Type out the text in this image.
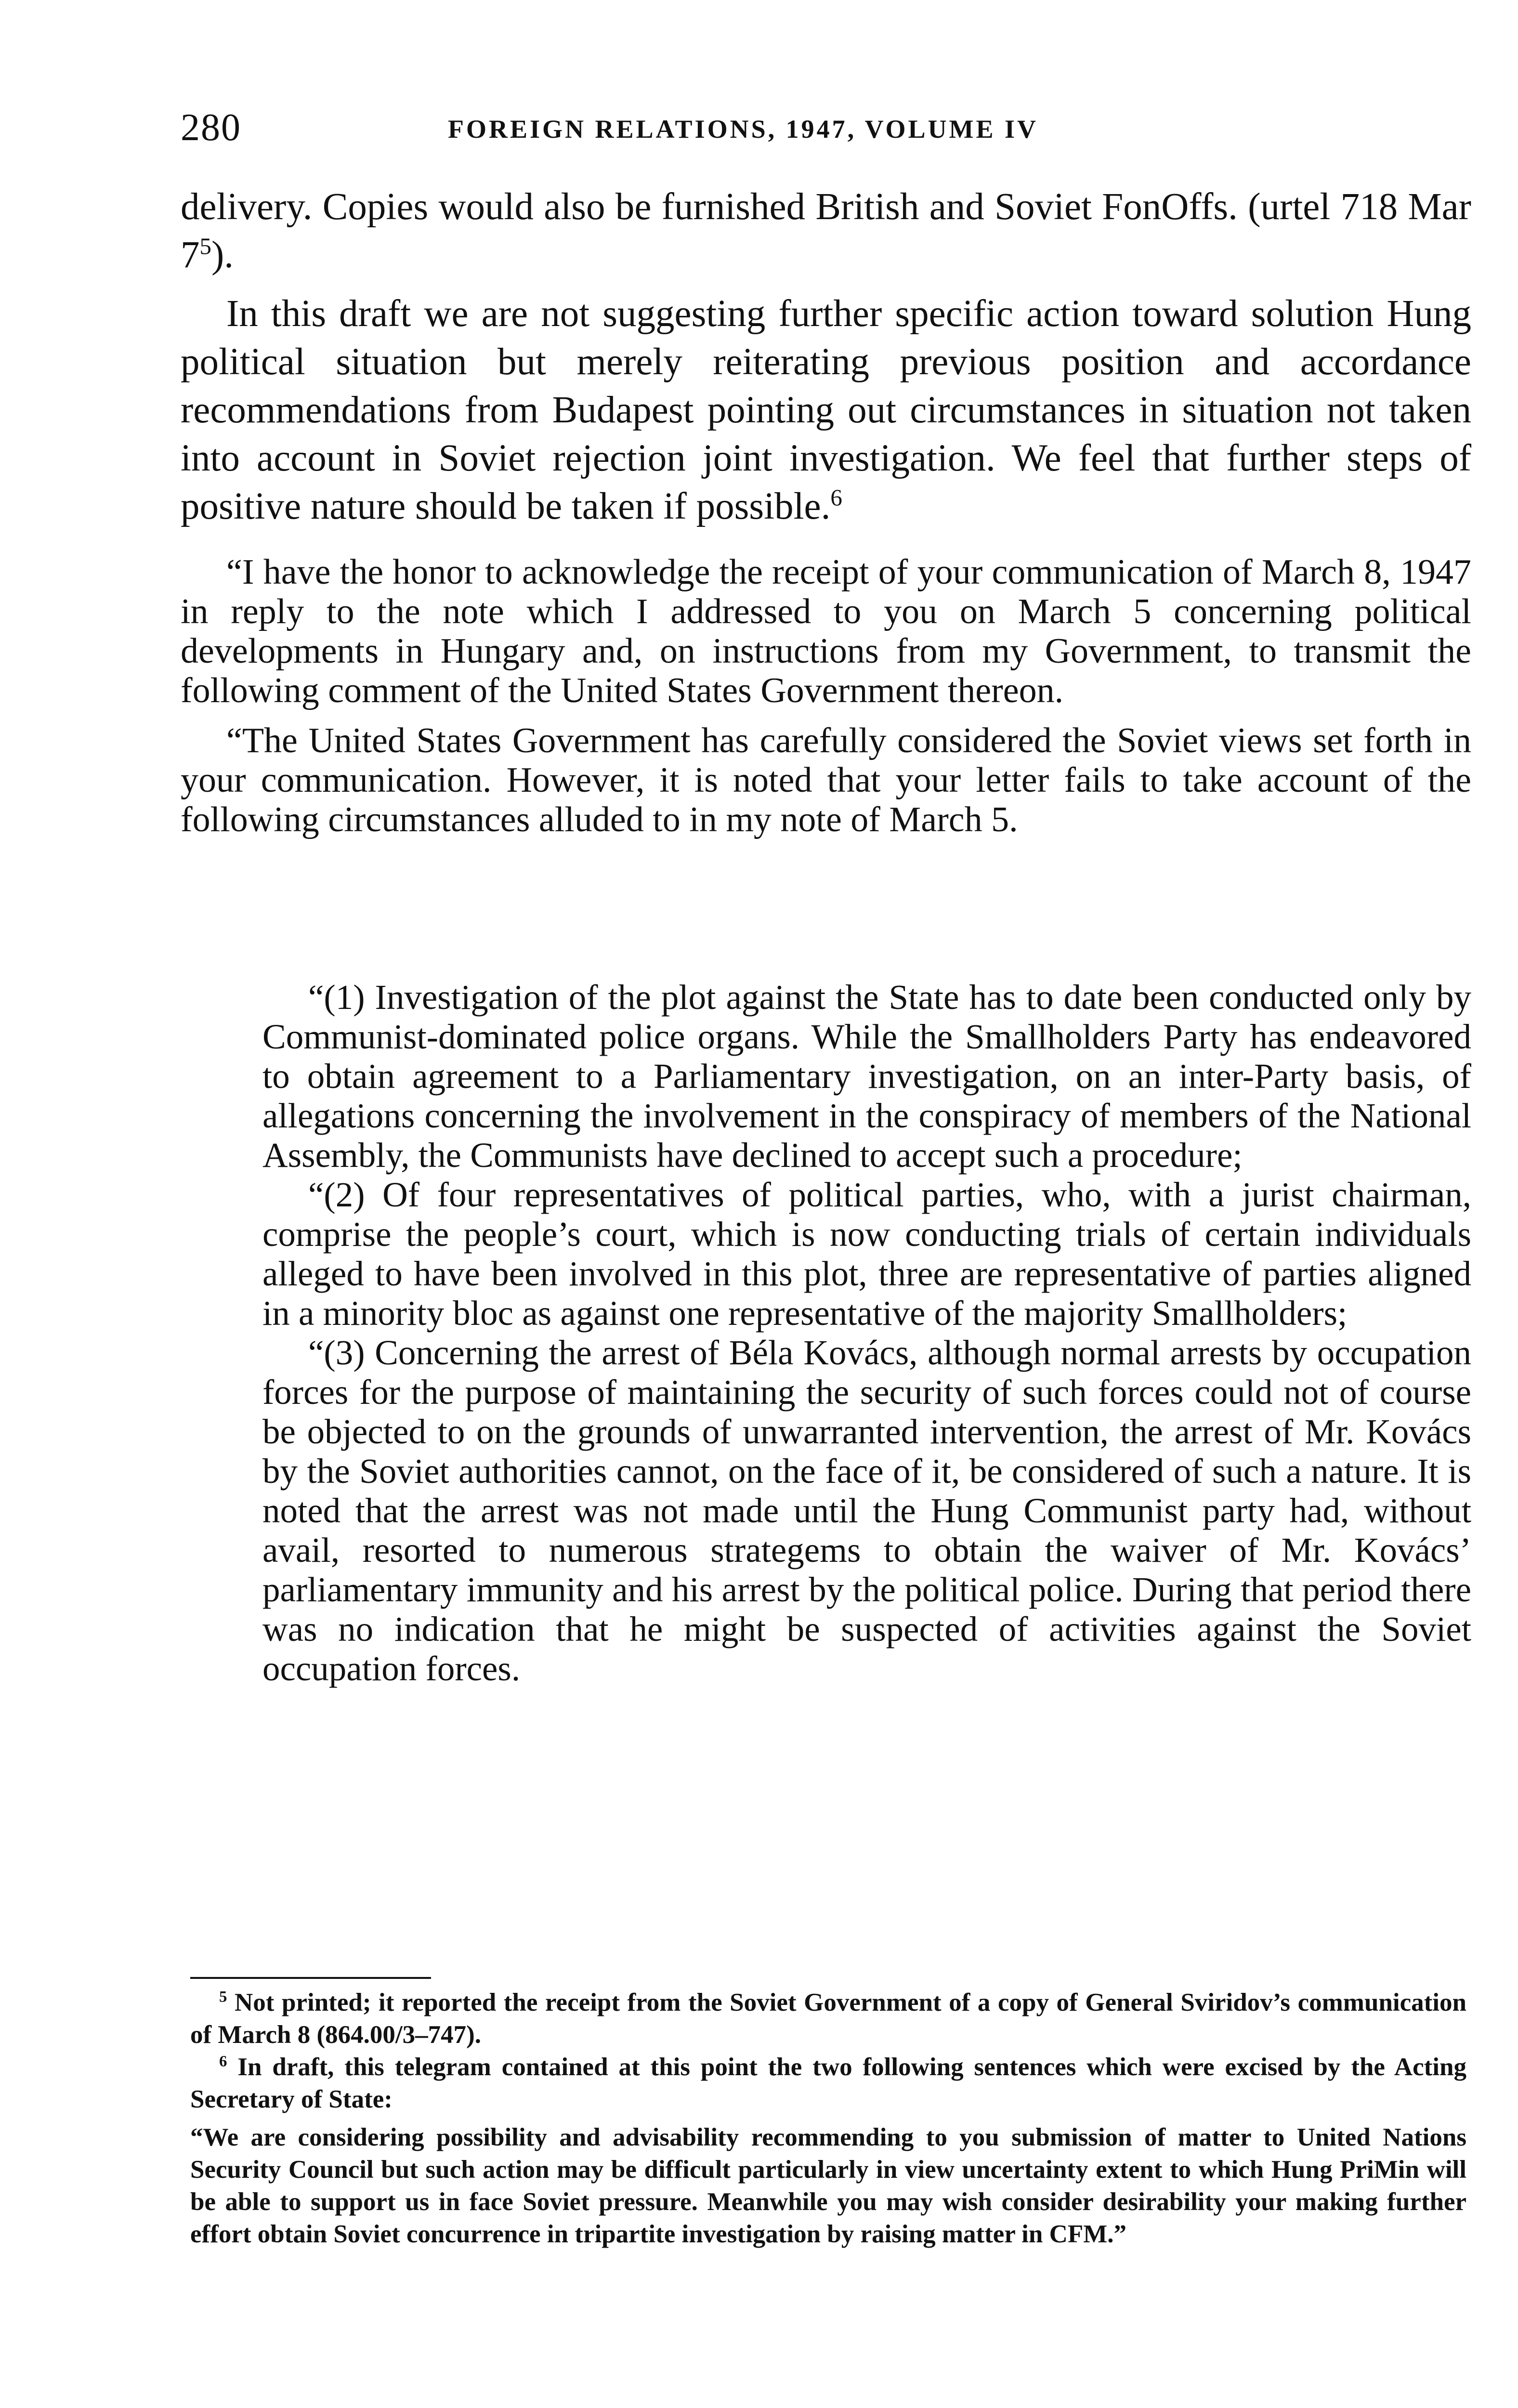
280	FOREIGN RELATIONS, 1947, VOLUME IV

delivery. Copies would also be furnished British and Soviet FonOffs. (urtel 718 Mar $7^5$).

In this draft we are not suggesting further specific action toward solution Hung political situation but merely reiterating previous position and accordance recommendations from Budapest pointing out circumstances in situation not taken into account in Soviet rejection joint investigation. We feel that further steps of positive nature should be taken if possible.$^6$

“I have the honor to acknowledge the receipt of your communication of March 8, 1947 in reply to the note which I addressed to you on March 5 concerning political developments in Hungary and, on instructions from my Government, to transmit the following comment of the United States Government thereon.

“The United States Government has carefully considered the Soviet views set forth in your communication. However, it is noted that your letter fails to take account of the following circumstances alluded to in my note of March 5.

“(1) Investigation of the plot against the State has to date been conducted only by Communist-dominated police organs. While the Smallholders Party has endeavored to obtain agreement to a Parliamentary investigation, on an inter-Party basis, of allegations concerning the involvement in the conspiracy of members of the National Assembly, the Communists have declined to accept such a procedure;

“(2) Of four representatives of political parties, who, with a jurist chairman, comprise the people’s court, which is now conducting trials of certain individuals alleged to have been involved in this plot, three are representative of parties aligned in a minority bloc as against one representative of the majority Smallholders;

“(3) Concerning the arrest of Béla Kovács, although normal arrests by occupation forces for the purpose of maintaining the security of such forces could not of course be objected to on the grounds of unwarranted intervention, the arrest of Mr. Kovács by the Soviet authorities cannot, on the face of it, be considered of such a nature. It is noted that the arrest was not made until the Hung Communist party had, without avail, resorted to numerous strategems to obtain the waiver of Mr. Kovács’ parliamentary immunity and his arrest by the political police. During that period there was no indication that he might be suspected of activities against the Soviet occupation forces.

$^5$ Not printed; it reported the receipt from the Soviet Government of a copy of General Sviridov’s communication of March 8 (864.00/3–747).

$^6$ In draft, this telegram contained at this point the two following sentences which were excised by the Acting Secretary of State:

“We are considering possibility and advisability recommending to you submission of matter to United Nations Security Council but such action may be difficult particularly in view uncertainty extent to which Hung PriMin will be able to support us in face Soviet pressure. Meanwhile you may wish consider desirability your making further effort obtain Soviet concurrence in tripartite investigation by raising matter in CFM.”
